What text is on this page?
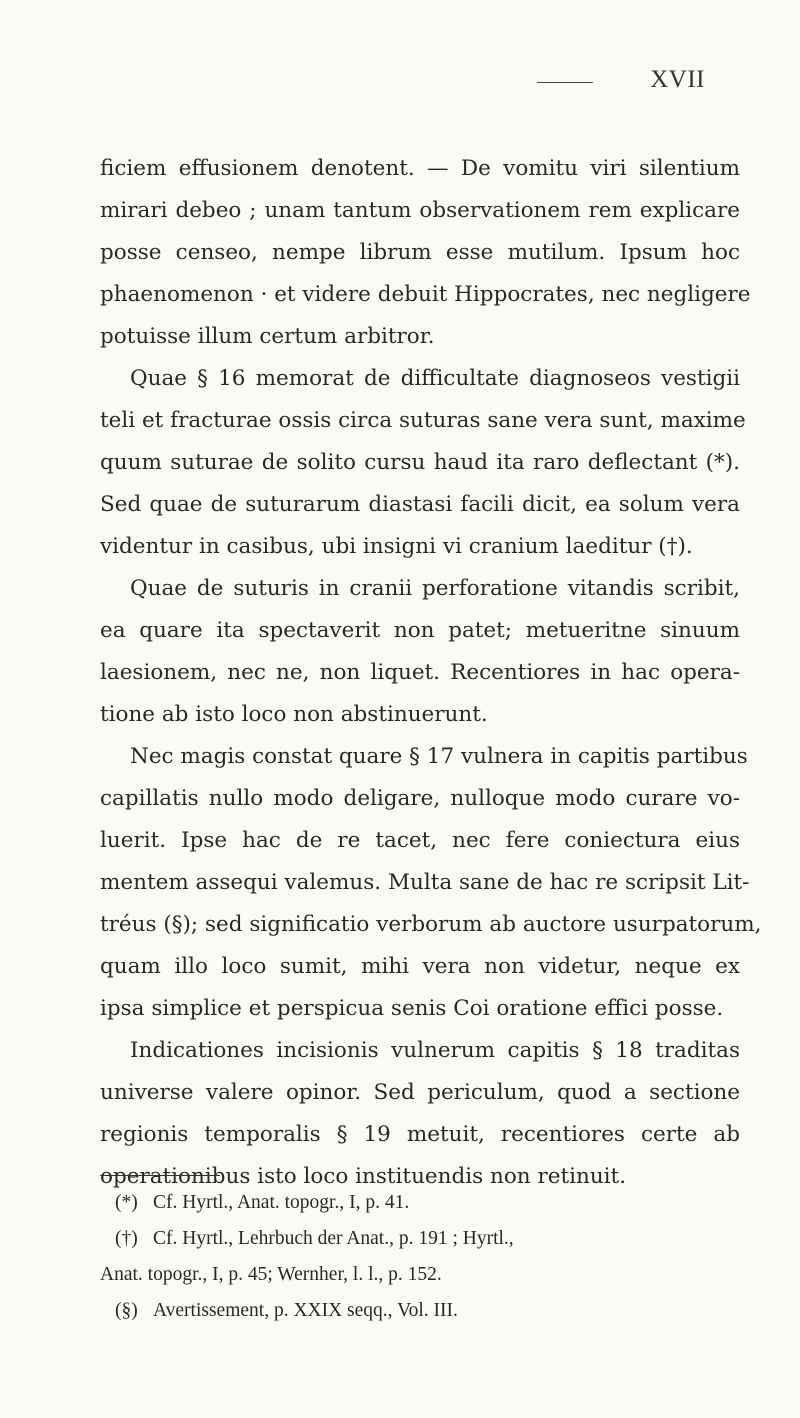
XVII
ficiem effusionem denotent. — De vomitu viri silentium
mirari debeo ; unam tantum observationem rem explicare
posse censeo, nempe librum esse mutilum. Ipsum hoc
phaenomenon · et videre debuit Hippocrates, nec negligere
potuisse illum certum arbitror.
Quae § 16 memorat de difficultate diagnoseos vestigii
teli et fracturae ossis circa suturas sane vera sunt, maxime
quum suturae de solito cursu haud ita raro deflectant (*).
Sed quae de suturarum diastasi facili dicit, ea solum vera
videntur in casibus, ubi insigni vi cranium laeditur (†).
Quae de suturis in cranii perforatione vitandis scribit,
ea quare ita spectaverit non patet; metueritne sinuum
laesionem, nec ne, non liquet. Recentiores in hac opera-
tione ab isto loco non abstinuerunt.
Nec magis constat quare § 17 vulnera in capitis partibus
capillatis nullo modo deligare, nulloque modo curare vo-
luerit. Ipse hac de re tacet, nec fere coniectura eius
mentem assequi valemus. Multa sane de hac re scripsit Lit-
tréus (§); sed significatio verborum ab auctore usurpatorum,
quam illo loco sumit, mihi vera non videtur, neque ex
ipsa simplice et perspicua senis Coi oratione effici posse.
Indicationes incisionis vulnerum capitis § 18 traditas
universe valere opinor. Sed periculum, quod a sectione
regionis temporalis § 19 metuit, recentiores certe ab
operationibus isto loco instituendis non retinuit.
(*) Cf. Hyrtl., Anat. topogr., I, p. 41.
(†) Cf. Hyrtl., Lehrbuch der Anat., p. 191 ; Hyrtl.,
Anat. topogr., I, p. 45; Wernher, l. l., p. 152.
(§) Avertissement, p. XXIX seqq., Vol. III.
